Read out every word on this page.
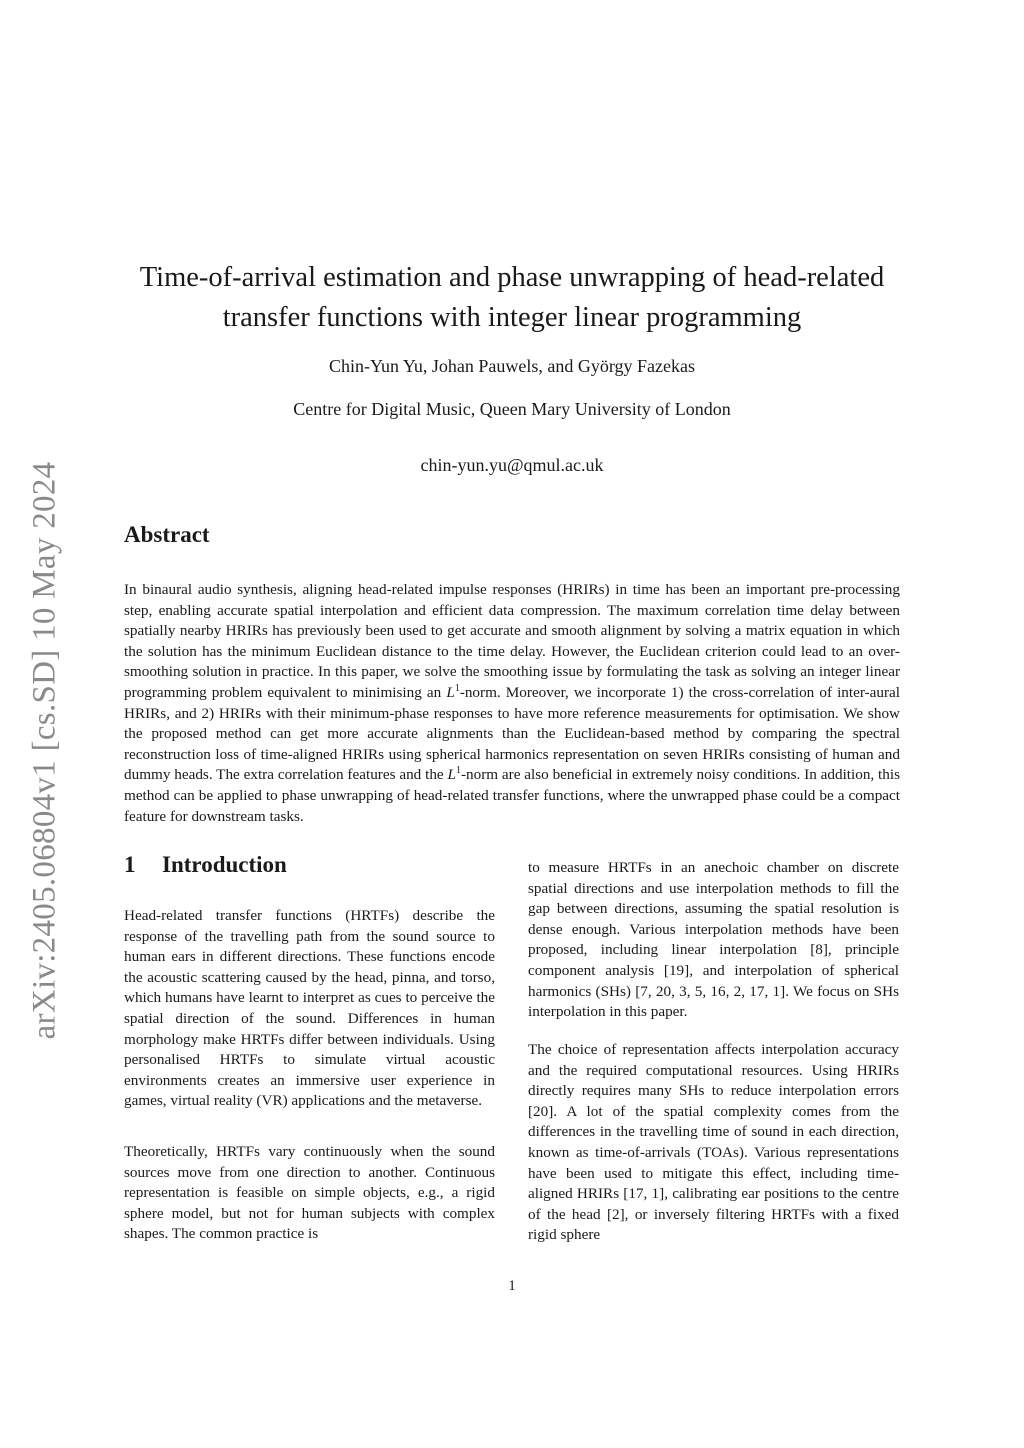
arXiv:2405.06804v1 [cs.SD] 10 May 2024
Time-of-arrival estimation and phase unwrapping of head-related
transfer functions with integer linear programming

Chin-Yun Yu, Johan Pauwels, and György Fazekas

Centre for Digital Music, Queen Mary University of London

chin-yun.yu@qmul.ac.uk

Abstract

In binaural audio synthesis, aligning head-related impulse responses (HRIRs) in time has been an important pre-processing step, enabling accurate spatial interpolation and efficient data compression. The maximum correlation time delay between spatially nearby HRIRs has previously been used to get accurate and smooth alignment by solving a matrix equation in which the solution has the minimum Euclidean distance to the time delay. However, the Euclidean criterion could lead to an over-smoothing solution in practice. In this paper, we solve the smoothing issue by formulating the task as solving an integer linear programming problem equivalent to minimising an $L^1$-norm. Moreover, we incorporate 1) the cross-correlation of inter-aural HRIRs, and 2) HRIRs with their minimum-phase responses to have more reference measurements for optimisation. We show the proposed method can get more accurate alignments than the Euclidean-based method by comparing the spectral reconstruction loss of time-aligned HRIRs using spherical harmonics representation on seven HRIRs consisting of human and dummy heads. The extra correlation features and the $L^1$-norm are also beneficial in extremely noisy conditions. In addition, this method can be applied to phase unwrapping of head-related transfer functions, where the unwrapped phase could be a compact feature for downstream tasks.

1 Introduction

Head-related transfer functions (HRTFs) describe the response of the travelling path from the sound source to human ears in different directions. These functions encode the acoustic scattering caused by the head, pinna, and torso, which humans have learnt to interpret as cues to perceive the spatial direction of the sound. Differences in human morphology make HRTFs differ between individuals. Using personalised HRTFs to simulate virtual acoustic environments creates an immersive user experience in games, virtual reality (VR) applications and the metaverse.

Theoretically, HRTFs vary continuously when the sound sources move from one direction to another. Continuous representation is feasible on simple objects, e.g., a rigid sphere model, but not for human subjects with complex shapes. The common practice is

to measure HRTFs in an anechoic chamber on discrete spatial directions and use interpolation methods to fill the gap between directions, assuming the spatial resolution is dense enough. Various interpolation methods have been proposed, including linear interpolation [8], principle component analysis [19], and interpolation of spherical harmonics (SHs) [7, 20, 3, 5, 16, 2, 17, 1]. We focus on SHs interpolation in this paper.

The choice of representation affects interpolation accuracy and the required computational resources. Using HRIRs directly requires many SHs to reduce interpolation errors [20]. A lot of the spatial complexity comes from the differences in the travelling time of sound in each direction, known as time-of-arrivals (TOAs). Various representations have been used to mitigate this effect, including time-aligned HRIRs [17, 1], calibrating ear positions to the centre of the head [2], or inversely filtering HRTFs with a fixed rigid sphere

1
